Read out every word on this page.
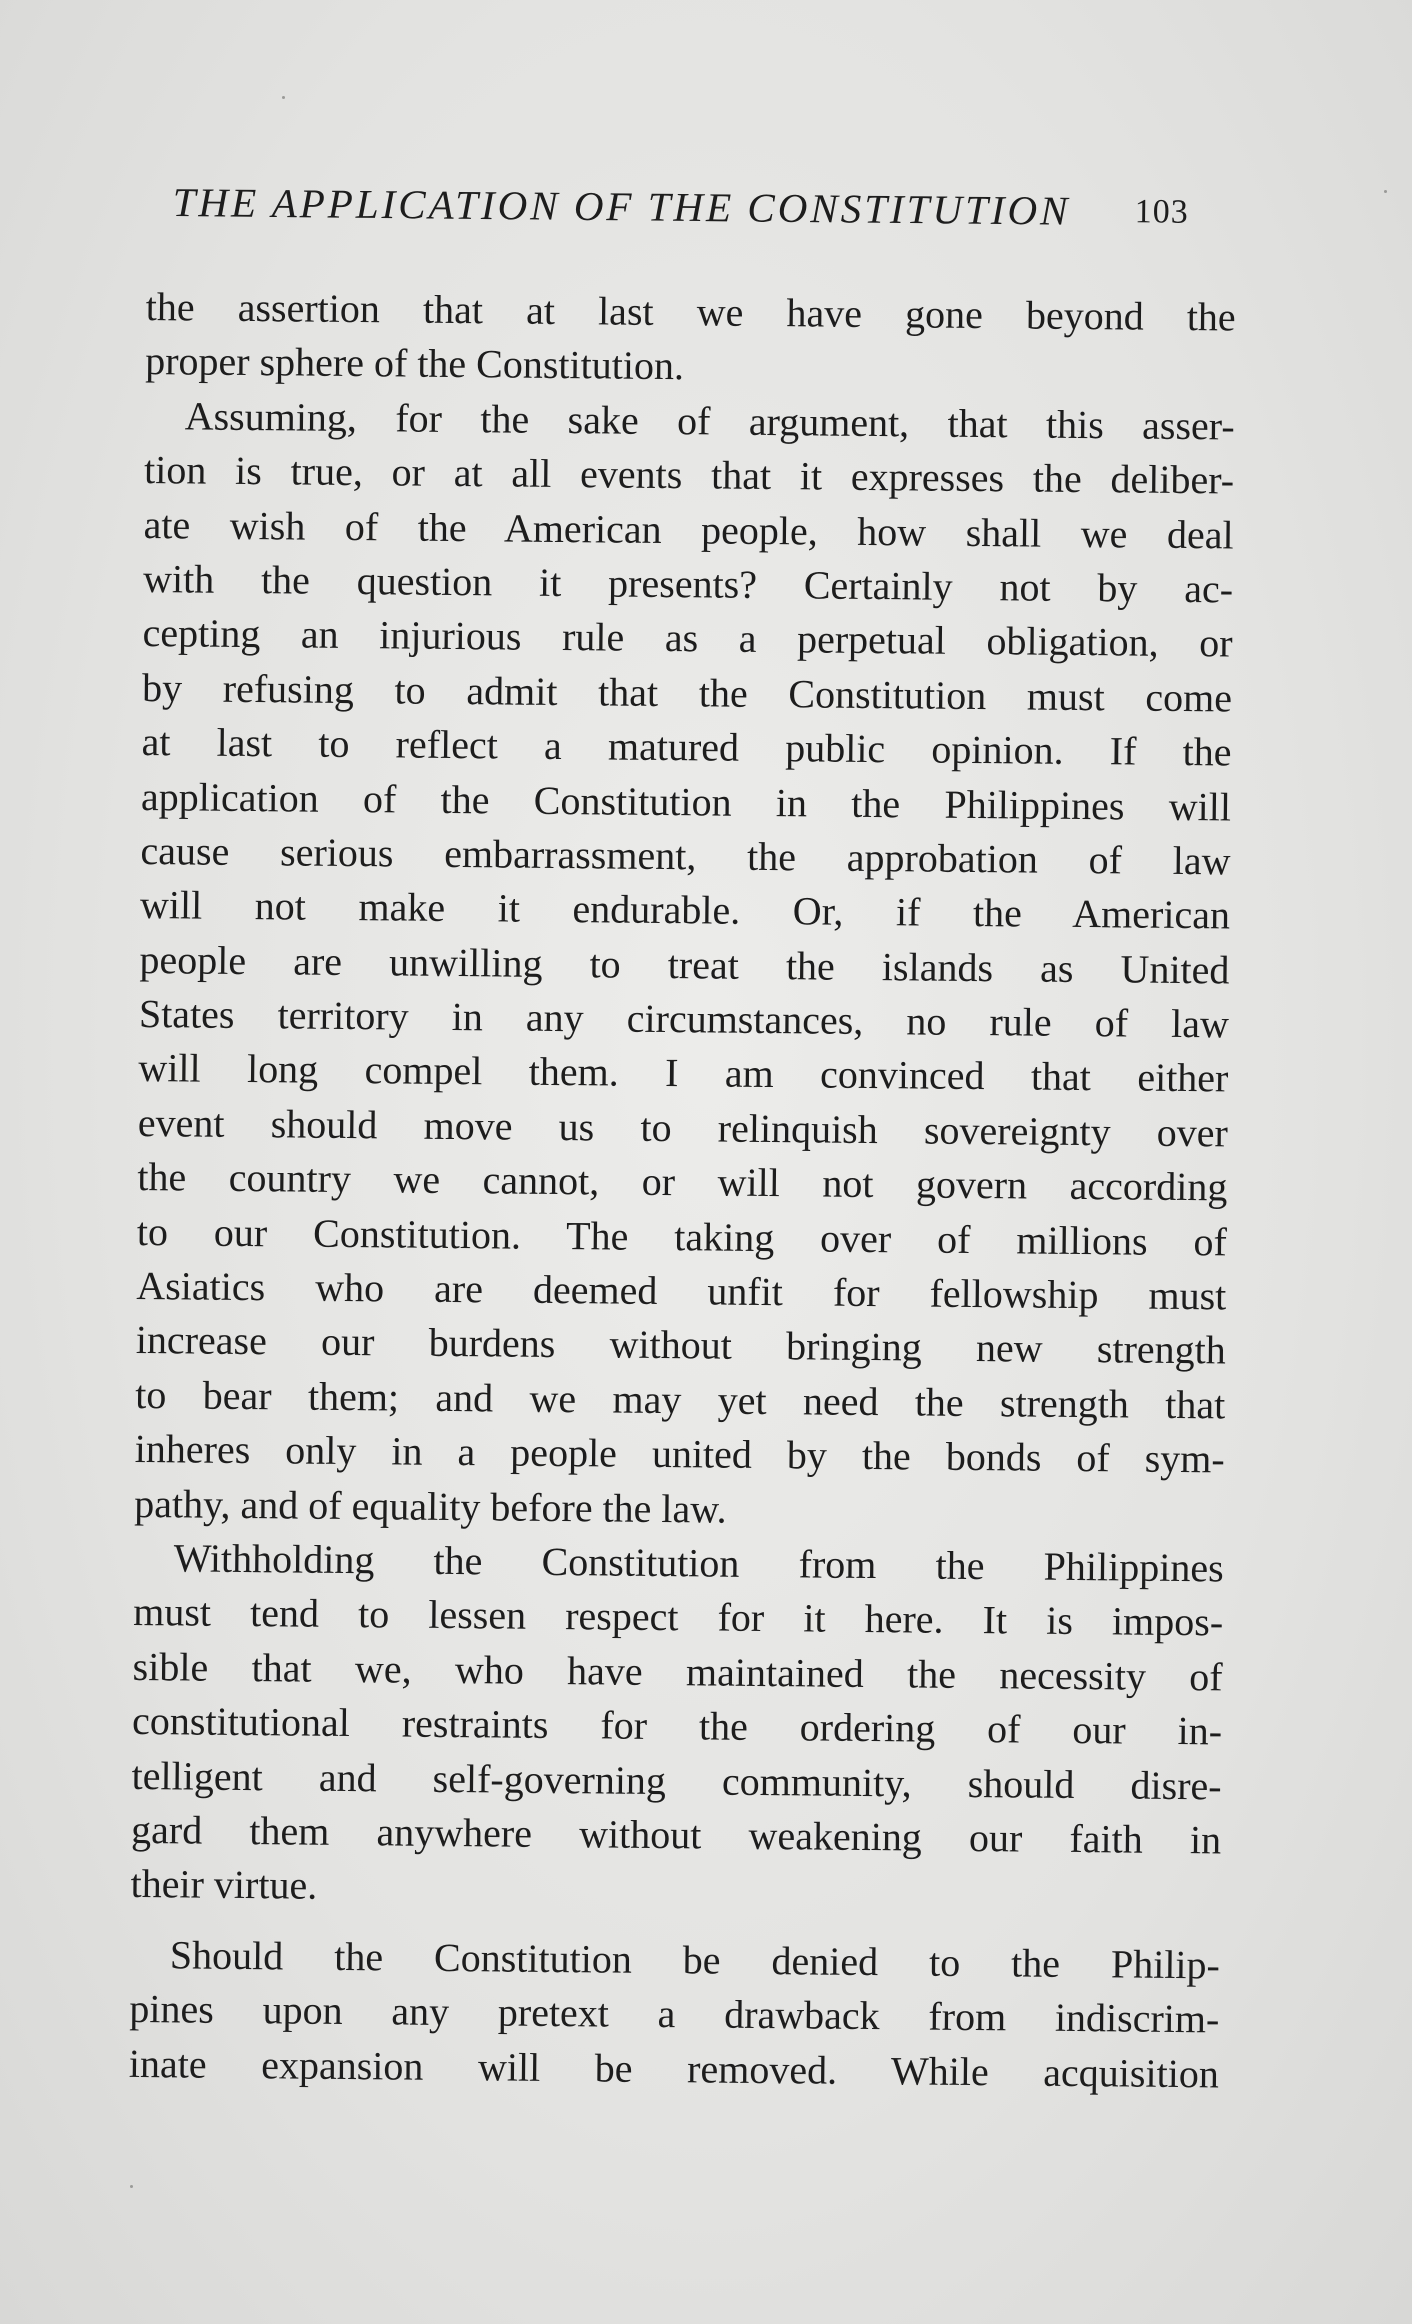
THE APPLICATION OF THE CONSTITUTION 103
the assertion that at last we have gone beyond the
proper sphere of the Constitution.
Assuming, for the sake of argument, that this asser-
tion is true, or at all events that it expresses the deliber-
ate wish of the American people, how shall we deal
with the question it presents? Certainly not by ac-
cepting an injurious rule as a perpetual obligation, or
by refusing to admit that the Constitution must come
at last to reflect a matured public opinion. If the
application of the Constitution in the Philippines will
cause serious embarrassment, the approbation of law
will not make it endurable. Or, if the American
people are unwilling to treat the islands as United
States territory in any circumstances, no rule of law
will long compel them. I am convinced that either
event should move us to relinquish sovereignty over
the country we cannot, or will not govern according
to our Constitution. The taking over of millions of
Asiatics who are deemed unfit for fellowship must
increase our burdens without bringing new strength
to bear them; and we may yet need the strength that
inheres only in a people united by the bonds of sym-
pathy, and of equality before the law.
Withholding the Constitution from the Philippines
must tend to lessen respect for it here. It is impos-
sible that we, who have maintained the necessity of
constitutional restraints for the ordering of our in-
telligent and self-governing community, should disre-
gard them anywhere without weakening our faith in
their virtue.
Should the Constitution be denied to the Philip-
pines upon any pretext a drawback from indiscrim-
inate expansion will be removed. While acquisition
